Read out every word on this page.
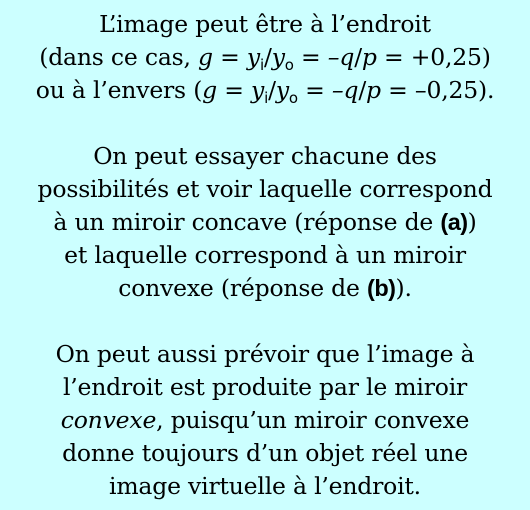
L’image peut être à l’endroit
(dans ce cas, $g = y_i/y_o = -q/p = +0,25$)
ou à l’envers $(g = y_i/y_o = -q/p = -0,25)$.

On peut essayer chacune des
possibilités et voir laquelle correspond
à un miroir concave (réponse de (a))
et laquelle correspond à un miroir
convexe (réponse de (b)).

On peut aussi prévoir que l’image à
l’endroit est produite par le miroir
convexe, puisqu’un miroir convexe
donne toujours d’un objet réel une
image virtuelle à l’endroit.
